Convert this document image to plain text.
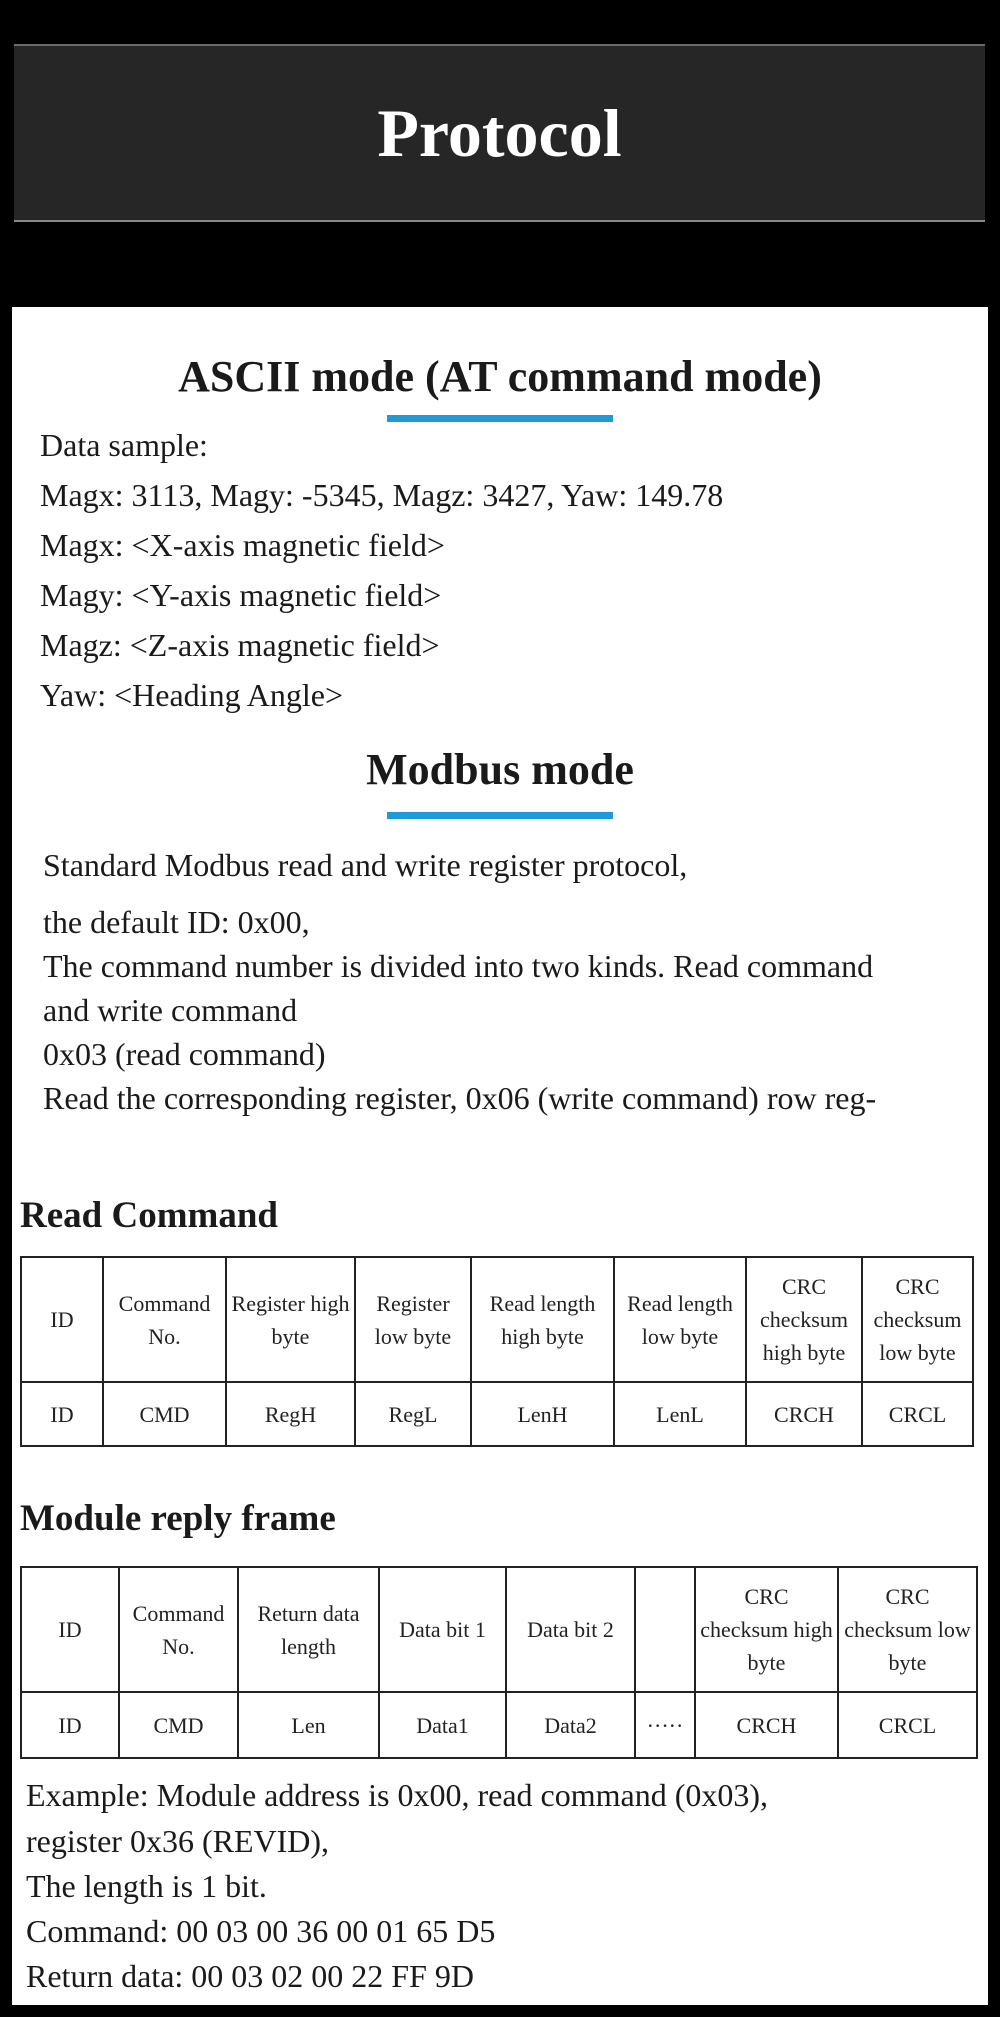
Protocol
ASCII mode (AT command mode)
Data sample:
Magx: 3113, Magy: -5345, Magz: 3427, Yaw: 149.78
Magx: <X-axis magnetic field>
Magy: <Y-axis magnetic field>
Magz: <Z-axis magnetic field>
Yaw: <Heading Angle>
Modbus mode
Standard Modbus read and write register protocol,
the default ID: 0x00,
The command number is divided into two kinds. Read command
and write command
0x03 (read command)
Read the corresponding register, 0x06 (write command) row reg-
Read Command
ID	Command No.	Register high byte	Register low byte	Read length high byte	Read length low byte	CRC checksum high byte	CRC checksum low byte
ID	CMD	RegH	RegL	LenH	LenL	CRCH	CRCL
Module reply frame
ID	Command No.	Return data length	Data bit 1	Data bit 2		CRC checksum high byte	CRC checksum low byte
ID	CMD	Len	Data1	Data2	·····	CRCH	CRCL
Example: Module address is 0x00, read command (0x03),
register 0x36 (REVID),
The length is 1 bit.
Command: 00 03 00 36 00 01 65 D5
Return data: 00 03 02 00 22 FF 9D
